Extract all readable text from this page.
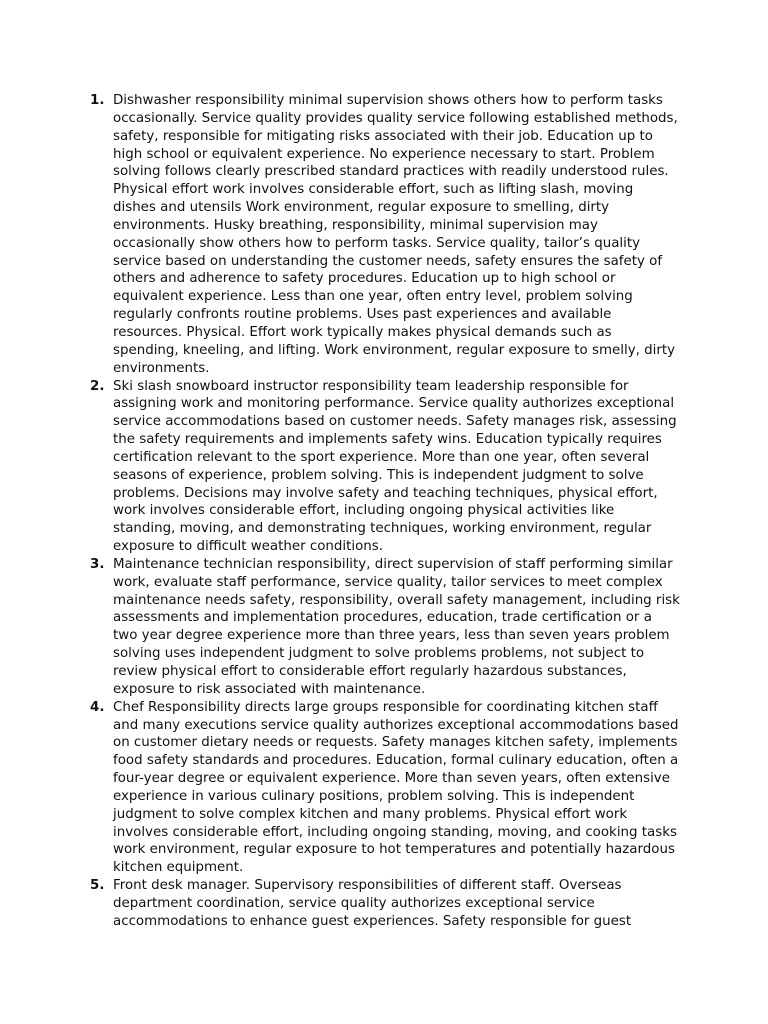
1. Dishwasher responsibility minimal supervision shows others how to perform tasks occasionally. Service quality provides quality service following established methods, safety, responsible for mitigating risks associated with their job. Education up to high school or equivalent experience. No experience necessary to start. Problem solving follows clearly prescribed standard practices with readily understood rules. Physical effort work involves considerable effort, such as lifting slash, moving dishes and utensils Work environment, regular exposure to smelling, dirty environments. Husky breathing, responsibility, minimal supervision may occasionally show others how to perform tasks. Service quality, tailor’s quality service based on understanding the customer needs, safety ensures the safety of others and adherence to safety procedures. Education up to high school or equivalent experience. Less than one year, often entry level, problem solving regularly confronts routine problems. Uses past experiences and available resources. Physical. Effort work typically makes physical demands such as spending, kneeling, and lifting. Work environment, regular exposure to smelly, dirty environments.
2. Ski slash snowboard instructor responsibility team leadership responsible for assigning work and monitoring performance. Service quality authorizes exceptional service accommodations based on customer needs. Safety manages risk, assessing the safety requirements and implements safety wins. Education typically requires certification relevant to the sport experience. More than one year, often several seasons of experience, problem solving. This is independent judgment to solve problems. Decisions may involve safety and teaching techniques, physical effort, work involves considerable effort, including ongoing physical activities like standing, moving, and demonstrating techniques, working environment, regular exposure to difficult weather conditions.
3. Maintenance technician responsibility, direct supervision of staff performing similar work, evaluate staff performance, service quality, tailor services to meet complex maintenance needs safety, responsibility, overall safety management, including risk assessments and implementation procedures, education, trade certification or a two year degree experience more than three years, less than seven years problem solving uses independent judgment to solve problems problems, not subject to review physical effort to considerable effort regularly hazardous substances, exposure to risk associated with maintenance.
4. Chef Responsibility directs large groups responsible for coordinating kitchen staff and many executions service quality authorizes exceptional accommodations based on customer dietary needs or requests. Safety manages kitchen safety, implements food safety standards and procedures. Education, formal culinary education, often a four-year degree or equivalent experience. More than seven years, often extensive experience in various culinary positions, problem solving. This is independent judgment to solve complex kitchen and many problems. Physical effort work involves considerable effort, including ongoing standing, moving, and cooking tasks work environment, regular exposure to hot temperatures and potentially hazardous kitchen equipment.
5. Front desk manager. Supervisory responsibilities of different staff. Overseas department coordination, service quality authorizes exceptional service accommodations to enhance guest experiences. Safety responsible for guest
